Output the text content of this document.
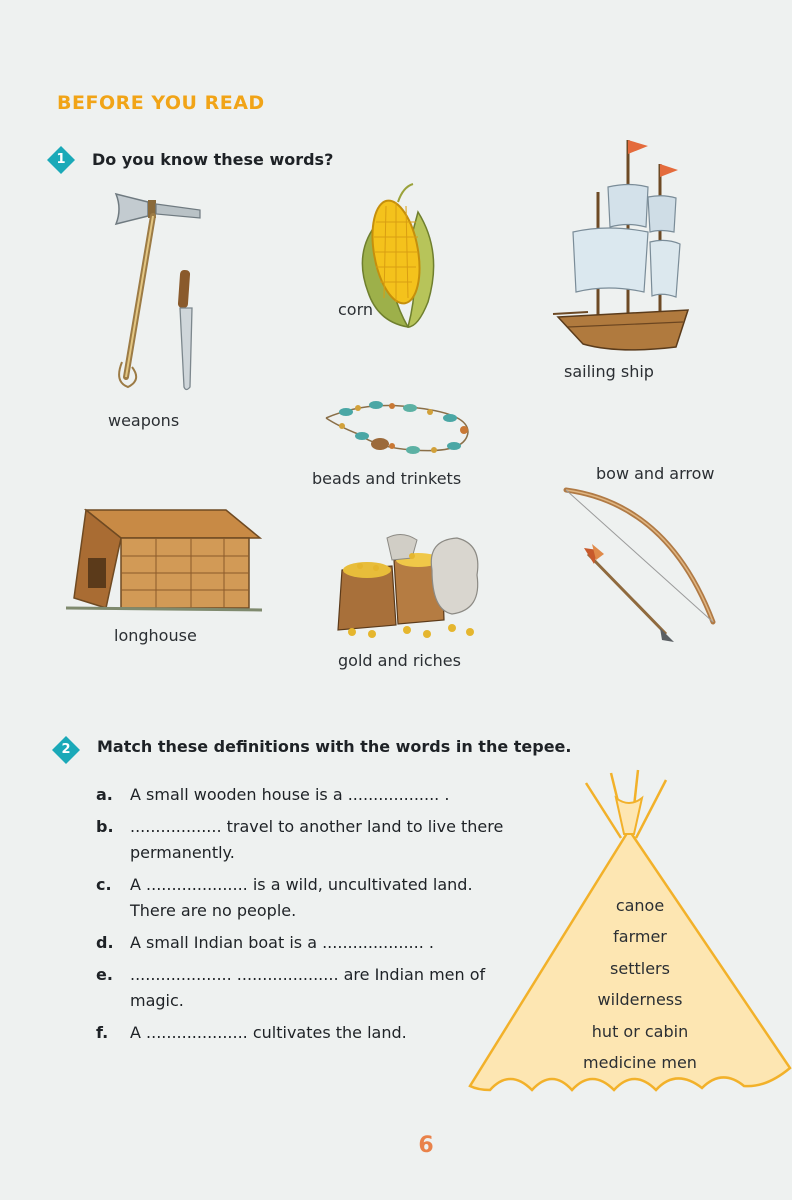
BEFORE YOU READ
1	Do you know these words?
weapons
corn
sailing ship
beads and trinkets	bow and arrow
longhouse
gold and riches
2	Match these definitions with the words in the tepee.
a.	A small wooden house is a .................. .
b.	.................. travel to another land to live there permanently.
c.	A .................... is a wild, uncultivated land. There are no people.
d.	A small Indian boat is a .................... .
e.	.................... .................... are Indian men of magic.
f.	A .................... cultivates the land.
canoe
farmer
settlers
wilderness
hut or cabin
medicine men
6
